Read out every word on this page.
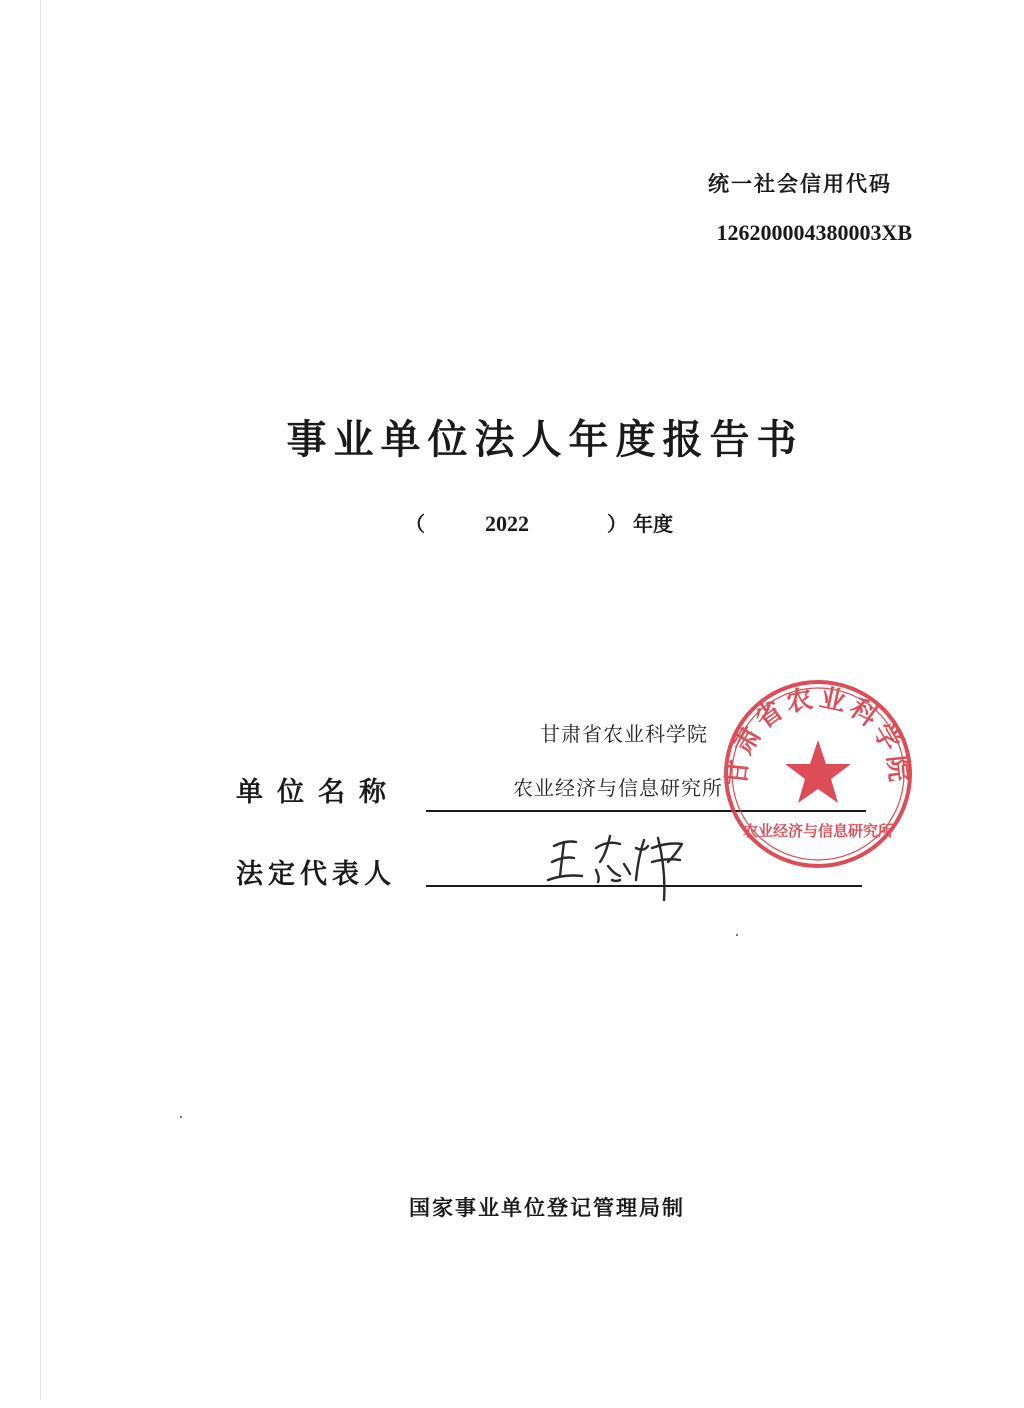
统一社会信用代码
126200004380003XB
事业单位法人年度报告书
（	2022	） 年度
单位名称
甘肃省农业科学院
农业经济与信息研究所
法定代表人
甘肃省农业科学院
农业经济与信息研究所
国家事业单位登记管理局制
